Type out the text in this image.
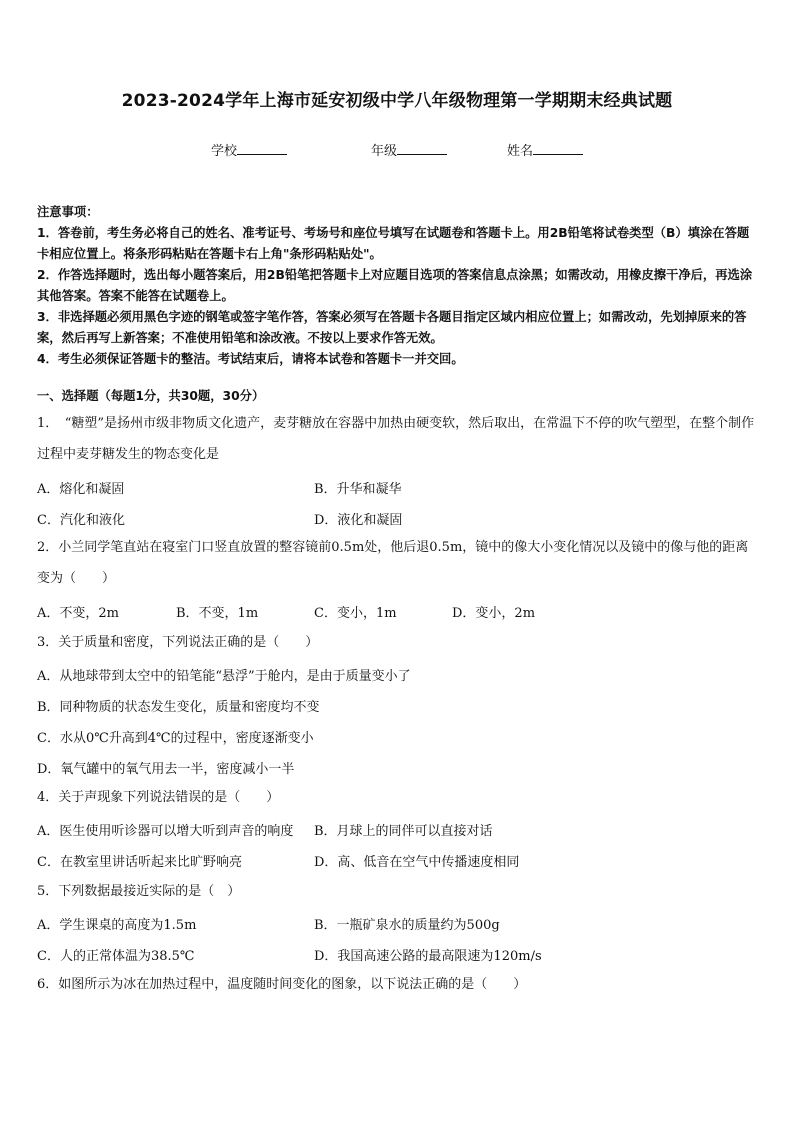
2023-2024学年上海市延安初级中学八年级物理第一学期期末经典试题
学校	年级	姓名

注意事项：

1．答卷前，考生务必将自己的姓名、准考证号、考场号和座位号填写在试题卷和答题卡上。用2B铅笔将试卷类型（B）填涂在答题卡相应位置上。将条形码粘贴在答题卡右上角"条形码粘贴处"。

2．作答选择题时，选出每小题答案后，用2B铅笔把答题卡上对应题目选项的答案信息点涂黑；如需改动，用橡皮擦干净后，再选涂其他答案。答案不能答在试题卷上。

3．非选择题必须用黑色字迹的钢笔或签字笔作答，答案必须写在答题卡各题目指定区域内相应位置上；如需改动，先划掉原来的答案，然后再写上新答案；不准使用铅笔和涂改液。不按以上要求作答无效。

4．考生必须保证答题卡的整洁。考试结束后，请将本试卷和答题卡一并交回。

一、选择题（每题1分，共30题，30分）
1．　“糖塑”是扬州市级非物质文化遗产，麦芽糖放在容器中加热由硬变软，然后取出，在常温下不停的吹气塑型，在整个制作过程中麦芽糖发生的物态变化是
A．熔化和凝固	B．升华和凝华
C．汽化和液化	D．液化和凝固
2．小兰同学笔直站在寝室门口竖直放置的整容镜前0.5m处，他后退0.5m，镜中的像大小变化情况以及镜中的像与他的距离变为（　　）
A．不变，2m	B．不变，1m	C．变小，1m	D．变小，2m
3．关于质量和密度，下列说法正确的是（　　）
A．从地球带到太空中的铅笔能“悬浮”于舱内，是由于质量变小了
B．同种物质的状态发生变化，质量和密度均不变
C．水从0℃升高到4℃的过程中，密度逐渐变小
D．氧气罐中的氧气用去一半，密度减小一半
4．关于声现象下列说法错误的是（　　）
A．医生使用听诊器可以增大听到声音的响度 B．月球上的同伴可以直接对话
C．在教室里讲话听起来比旷野响亮	D．高、低音在空气中传播速度相同
5．下列数据最接近实际的是（　）
A．学生课桌的高度为1.5m	B．一瓶矿泉水的质量约为500g
C．人的正常体温为38.5℃	D．我国高速公路的最高限速为120m/s
6．如图所示为冰在加热过程中，温度随时间变化的图象，以下说法正确的是（　　）
